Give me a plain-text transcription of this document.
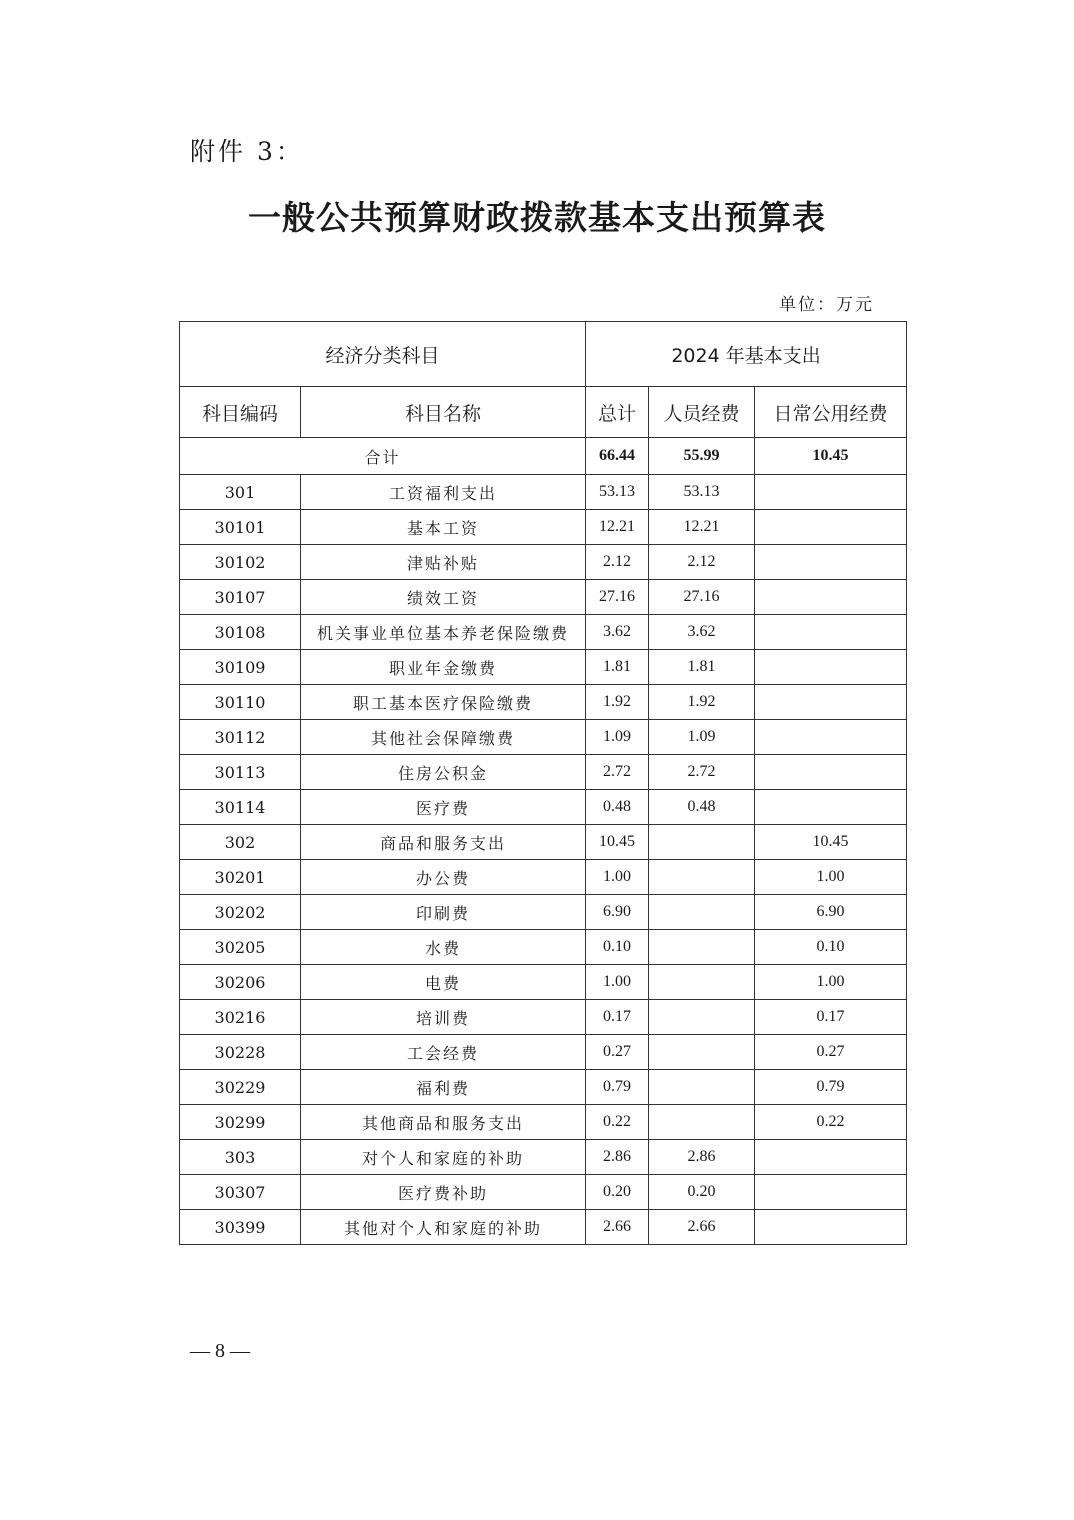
附件 3：
一般公共预算财政拨款基本支出预算表
单位：万元
经济分类科目		2024 年基本支出		
科目编码	科目名称	总计	人员经费	日常公用经费
合计		66.44	55.99	10.45
301	工资福利支出	53.13	53.13	
30101	基本工资	12.21	12.21	
30102	津贴补贴	2.12	2.12	
30107	绩效工资	27.16	27.16	
30108	机关事业单位基本养老保险缴费	3.62	3.62	
30109	职业年金缴费	1.81	1.81	
30110	职工基本医疗保险缴费	1.92	1.92	
30112	其他社会保障缴费	1.09	1.09	
30113	住房公积金	2.72	2.72	
30114	医疗费	0.48	0.48	
302	商品和服务支出	10.45		10.45
30201	办公费	1.00		1.00
30202	印刷费	6.90		6.90
30205	水费	0.10		0.10
30206	电费	1.00		1.00
30216	培训费	0.17		0.17
30228	工会经费	0.27		0.27
30229	福利费	0.79		0.79
30299	其他商品和服务支出	0.22		0.22
303	对个人和家庭的补助	2.86	2.86	
30307	医疗费补助	0.20	0.20	
30399	其他对个人和家庭的补助	2.66	2.66	
— 8 —
